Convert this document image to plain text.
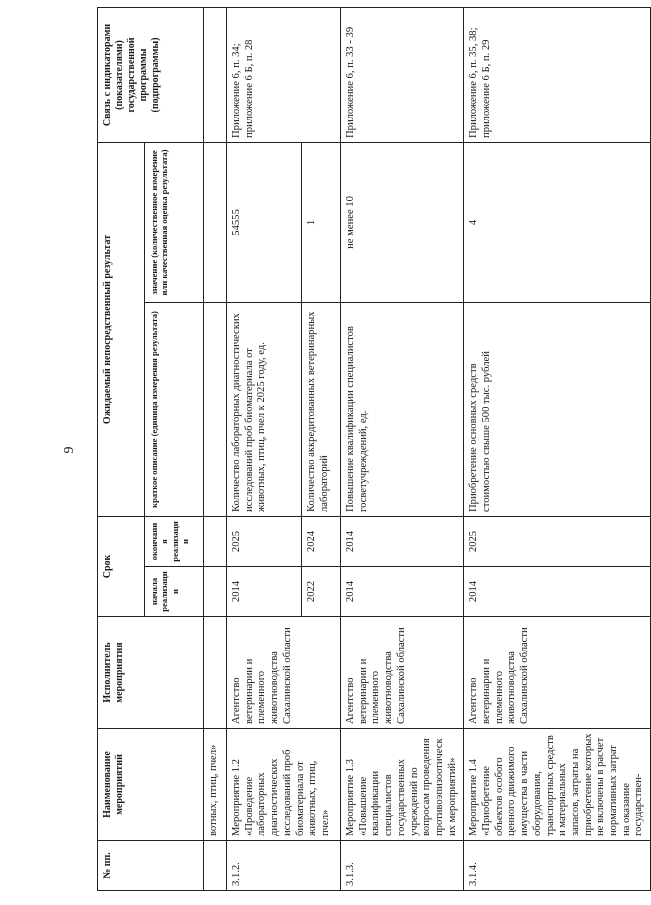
9
№ пп.	Наименование мероприятий	Исполнитель мероприятия	Срок		Ожидаемый непосредственный результат		Связь с индикаторами (показателями) государственной программы (подпрограммы)
			начала реализации	окончания реализации	краткое описание (единица измерения результата)	значение (количественное измерение или качественная оценка результата)	
	вотных, птиц, пчел»						
3.1.2.	Мероприятие 1.2 «Проведение лабораторных диагностических исследований проб биоматериала от животных, птиц, пчел»	Агентство ветеринарии и племенного животноводства Сахалинской области	2014	2025	Количество лабораторных диагностических исследований проб биоматериала от животных, птиц, пчел к 2025 году, ед.	54555	Приложение 6, п. 34; приложение 6 Б, п. 28
			2022	2024	Количество аккредитованных ветеринарных лабораторий	1	
3.1.3.	Мероприятие 1.3 «Повышение квалификации специалистов государственных учреждений по вопросам проведения противоэпизоотических мероприятий»	Агентство ветеринарии и племенного животноводства Сахалинской области	2014	2014	Повышение квалификации специалистов госветучреждений, ед.	не менее 10	Приложение 6, п. 33 - 39
3.1.4.	Мероприятие 1.4 «Приобретение объектов особого ценного движимого имущества в части оборудования, транспортных средств и материальных запасов, затраты на приобретение которых не включены в расчет нормативных затрат на оказание государствен-	Агентство ветеринарии и племенного животноводства Сахалинской области	2014	2025	Приобретение основных средств стоимостью свыше 500 тыс. рублей	4	Приложение 6, п. 35, 38; приложение 6 Б, п. 29
